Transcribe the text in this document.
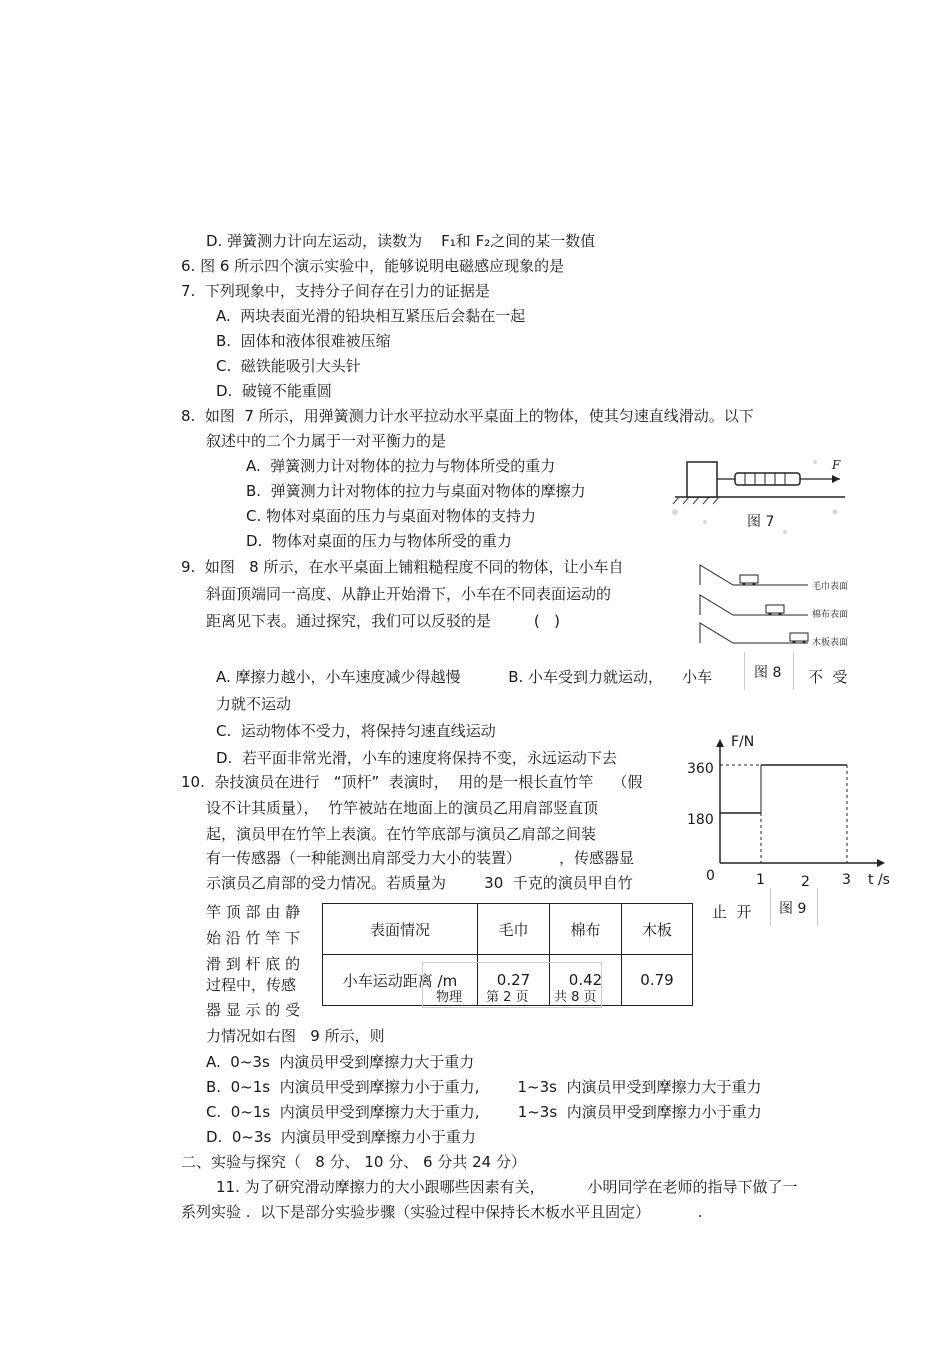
D. 弹簧测力计向左运动，读数为    F₁和 F₂之间的某一数值
6. 图 6 所示四个演示实验中，能够说明电磁感应现象的是
7.  下列现象中，支持分子间存在引力的证据是
A.  两块表面光滑的铅块相互紧压后会黏在一起
B.  固体和液体很难被压缩
C.  磁铁能吸引大头针
D.  破镜不能重圆
8.  如图  7 所示，用弹簧测力计水平拉动水平桌面上的物体，使其匀速直线滑动。以下
叙述中的二个力属于一对平衡力的是
A.  弹簧测力计对物体的拉力与物体所受的重力
B.  弹簧测力计对物体的拉力与桌面对物体的摩擦力
C. 物体对桌面的压力与桌面对物体的支持力
D.  物体对桌面的压力与物体所受的重力
9.  如图   8 所示，在水平桌面上铺粗糙程度不同的物体，让小车自
斜面顶端同一高度、从静止开始滑下，小车在不同表面运动的
距离见下表。通过探究，我们可以反驳的是         (   )
A. 摩擦力越小，小车速度减少得越慢          B. 小车受到力就运动，    小车	不  受
力就不运动
C.  运动物体不受力，将保持匀速直线运动
D.  若平面非常光滑，小车的速度将保持不变，永远运动下去
10.  杂技演员在进行   “顶杆”  表演时，  用的是一根长直竹竿    （假
设不计其质量），  竹竿被站在地面上的演员乙用肩部竖直顶
起，演员甲在竹竿上表演。在竹竿底部与演员乙肩部之间装
有一传感器（一种能测出肩部受力大小的装置）        ，传感器显
示演员乙肩部的受力情况。若质量为        30  千克的演员甲自竹
竿 顶 部 由 静
始 沿 竹 竿 下
滑 到 杆 底 的
过程中，传感
器 显 示 的 受
止  开
力情况如右图   9 所示，则
A.  0~3s  内演员甲受到摩擦力大于重力
B.  0~1s  内演员甲受到摩擦力小于重力,        1~3s  内演员甲受到摩擦力大于重力
C.  0~1s  内演员甲受到摩擦力大于重力,        1~3s  内演员甲受到摩擦力小于重力
D.  0~3s  内演员甲受到摩擦力小于重力
二、实验与探究（   8 分、 10 分、 6 分共 24 分）
11. 为了研究滑动摩擦力的大小跟哪些因素有关，         小明同学在老师的指导下做了一
系列实验 .  以下是部分实验步骤（实验过程中保持长木板水平且固定）          .
F
图 7
毛巾表面
棉布表面
木板表面
图 8
F/N
360
180
0	1	2 3 t /s
图 9
表面情况	毛巾	棉布	木板
小车运动距离 /m	0.27	0.42	0.79
物理 第 2 页 共 8 页
